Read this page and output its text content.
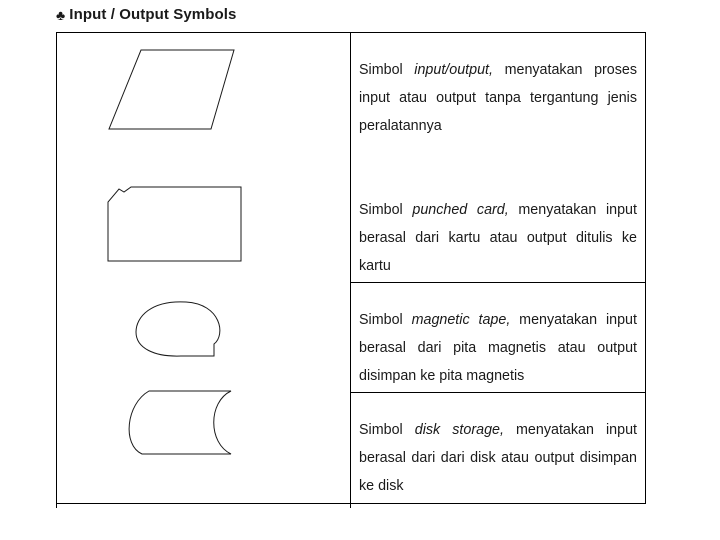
♣ Input / Output Symbols

Simbol input/output, menyatakan proses input atau output tanpa tergantung jenis peralatannya

Simbol punched card, menyatakan input berasal dari kartu atau output ditulis ke kartu

Simbol magnetic tape, menyatakan input berasal dari pita magnetis atau output disimpan ke pita magnetis

Simbol disk storage, menyatakan input berasal dari dari disk atau output disimpan ke disk
